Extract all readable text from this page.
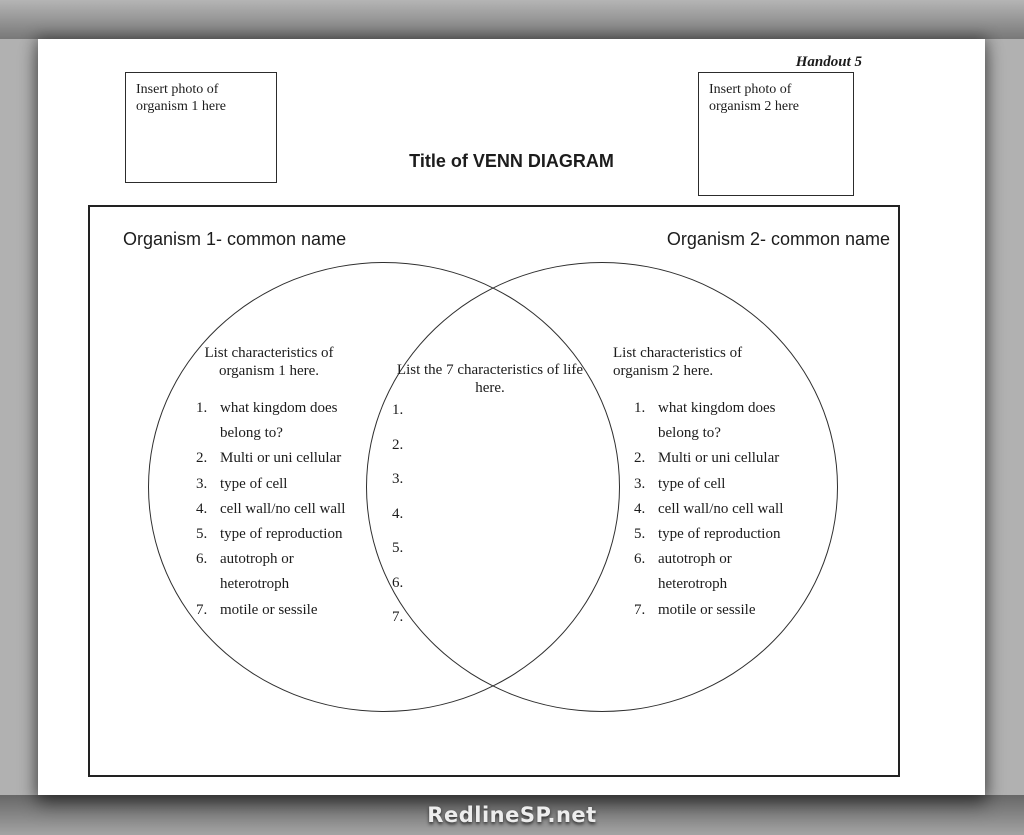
Handout 5
Insert photo of
organism 1 here
Insert photo of
organism 2 here
Title of VENN DIAGRAM
Organism 1- common name	Organism 2- common name
List characteristics of
organism 1 here.	List the 7 characteristics of life
here.
List characteristics of
organism 2 here.
1. what kingdom does
belong to?
2. Multi or uni cellular
3. type of cell
4. cell wall/no cell wall
5. type of reproduction
6. autotroph or
heterotroph
7. motile or sessile
1.
2.
3.
4.
5.
6.
7.
1. what kingdom does
belong to?
2. Multi or uni cellular
3. type of cell
4. cell wall/no cell wall
5. type of reproduction
6. autotroph or
heterotroph
7. motile or sessile
RedlineSP.net
